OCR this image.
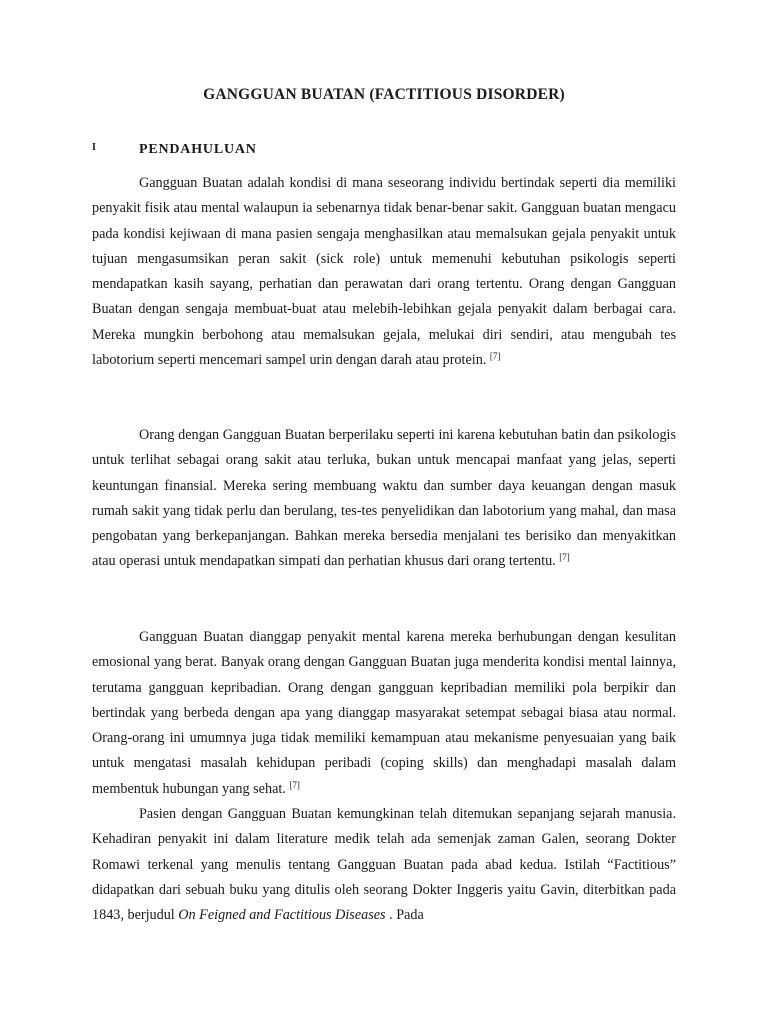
GANGGUAN BUATAN (FACTITIOUS DISORDER)
I	PENDAHULUAN

Gangguan Buatan adalah kondisi di mana seseorang individu bertindak seperti dia memiliki penyakit fisik atau mental walaupun ia sebenarnya tidak benar-benar sakit. Gangguan buatan mengacu pada kondisi kejiwaan di mana pasien sengaja menghasilkan atau memalsukan gejala penyakit untuk tujuan mengasumsikan peran sakit (sick role) untuk memenuhi kebutuhan psikologis seperti mendapatkan kasih sayang, perhatian dan perawatan dari orang tertentu. Orang dengan Gangguan Buatan dengan sengaja membuat-buat atau melebih-lebihkan gejala penyakit dalam berbagai cara. Mereka mungkin berbohong atau memalsukan gejala, melukai diri sendiri, atau mengubah tes labotorium seperti mencemari sampel urin dengan darah atau protein. [7]

Orang dengan Gangguan Buatan berperilaku seperti ini karena kebutuhan batin dan psikologis untuk terlihat sebagai orang sakit atau terluka, bukan untuk mencapai manfaat yang jelas, seperti keuntungan finansial. Mereka sering membuang waktu dan sumber daya keuangan dengan masuk rumah sakit yang tidak perlu dan berulang, tes-tes penyelidikan dan labotorium yang mahal, dan masa pengobatan yang berkepanjangan. Bahkan mereka bersedia menjalani tes berisiko dan menyakitkan atau operasi untuk mendapatkan simpati dan perhatian khusus dari orang tertentu. [7]

Gangguan Buatan dianggap penyakit mental karena mereka berhubungan dengan kesulitan emosional yang berat. Banyak orang dengan Gangguan Buatan juga menderita kondisi mental lainnya, terutama gangguan kepribadian. Orang dengan gangguan kepribadian memiliki pola berpikir dan bertindak yang berbeda dengan apa yang dianggap masyarakat setempat sebagai biasa atau normal. Orang-orang ini umumnya juga tidak memiliki kemampuan atau mekanisme penyesuaian yang baik untuk mengatasi masalah kehidupan peribadi (coping skills) dan menghadapi masalah dalam membentuk hubungan yang sehat. [7]

Pasien dengan Gangguan Buatan kemungkinan telah ditemukan sepanjang sejarah manusia. Kehadiran penyakit ini dalam literature medik telah ada semenjak zaman Galen, seorang Dokter Romawi terkenal yang menulis tentang Gangguan Buatan pada abad kedua. Istilah “Factitious” didapatkan dari sebuah buku yang ditulis oleh seorang Dokter Inggeris yaitu Gavin, diterbitkan pada 1843, berjudul On Feigned and Factitious Diseases . Pada
